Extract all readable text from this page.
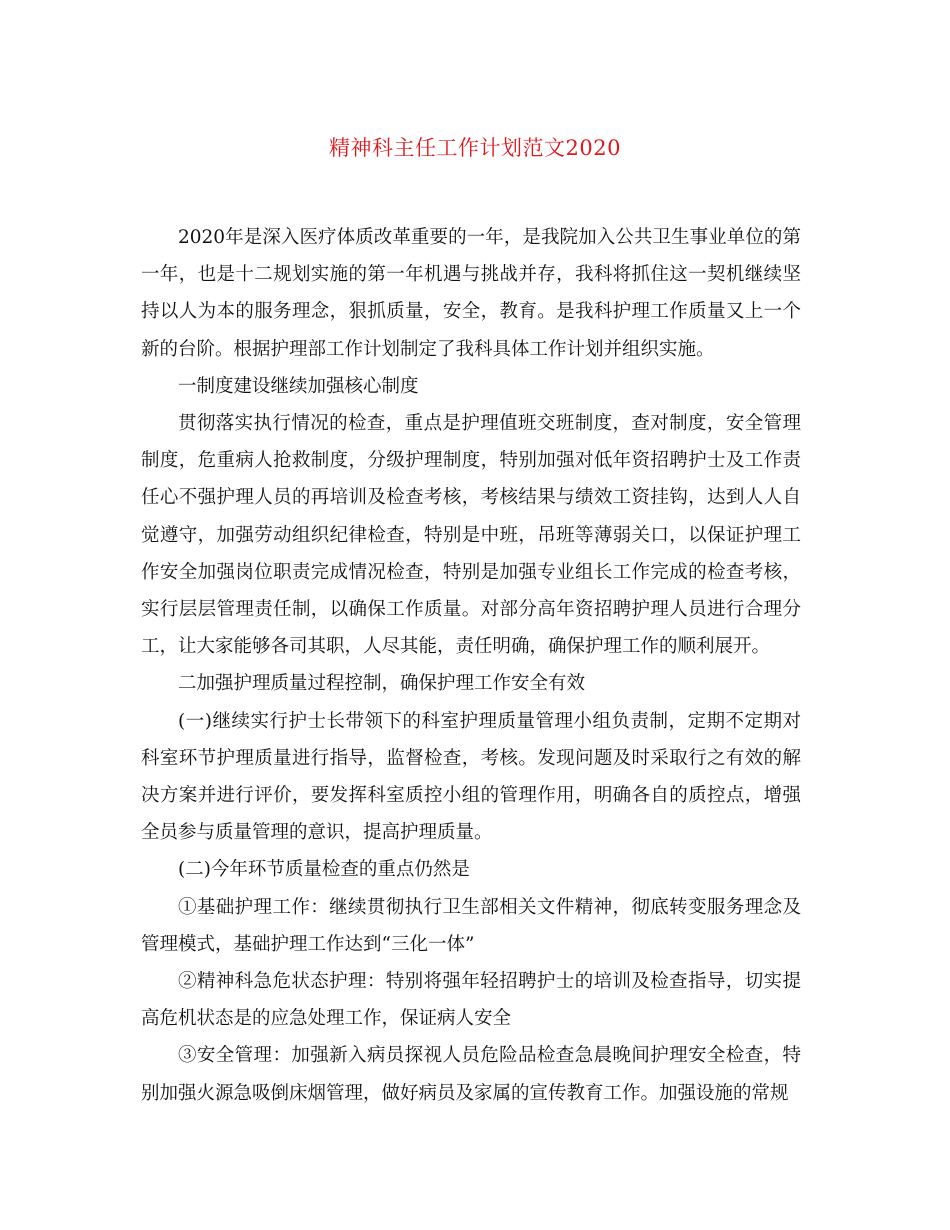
精神科主任工作计划范文2020

2020年是深入医疗体质改革重要的一年，是我院加入公共卫生事业单位的第一年，也是十二规划实施的第一年机遇与挑战并存，我科将抓住这一契机继续坚持以人为本的服务理念，狠抓质量，安全，教育。是我科护理工作质量又上一个新的台阶。根据护理部工作计划制定了我科具体工作计划并组织实施。

一制度建设继续加强核心制度

贯彻落实执行情况的检查，重点是护理值班交班制度，查对制度，安全管理制度，危重病人抢救制度，分级护理制度，特别加强对低年资招聘护士及工作责任心不强护理人员的再培训及检查考核，考核结果与绩效工资挂钩，达到人人自觉遵守，加强劳动组织纪律检查，特别是中班，吊班等薄弱关口，以保证护理工作安全加强岗位职责完成情况检查，特别是加强专业组长工作完成的检查考核，实行层层管理责任制，以确保工作质量。对部分高年资招聘护理人员进行合理分工，让大家能够各司其职，人尽其能，责任明确，确保护理工作的顺利展开。

二加强护理质量过程控制，确保护理工作安全有效

(一)继续实行护士长带领下的科室护理质量管理小组负责制，定期不定期对科室环节护理质量进行指导，监督检查，考核。发现问题及时采取行之有效的解决方案并进行评价，要发挥科室质控小组的管理作用，明确各自的质控点，增强全员参与质量管理的意识，提高护理质量。

(二)今年环节质量检查的重点仍然是

①基础护理工作：继续贯彻执行卫生部相关文件精神，彻底转变服务理念及管理模式，基础护理工作达到“三化一体”

②精神科急危状态护理：特别将强年轻招聘护士的培训及检查指导，切实提高危机状态是的应急处理工作，保证病人安全

③安全管理：加强新入病员探视人员危险品检查急晨晚间护理安全检查，特别加强火源急吸倒床烟管理，做好病员及家属的宣传教育工作。加强设施的常规
